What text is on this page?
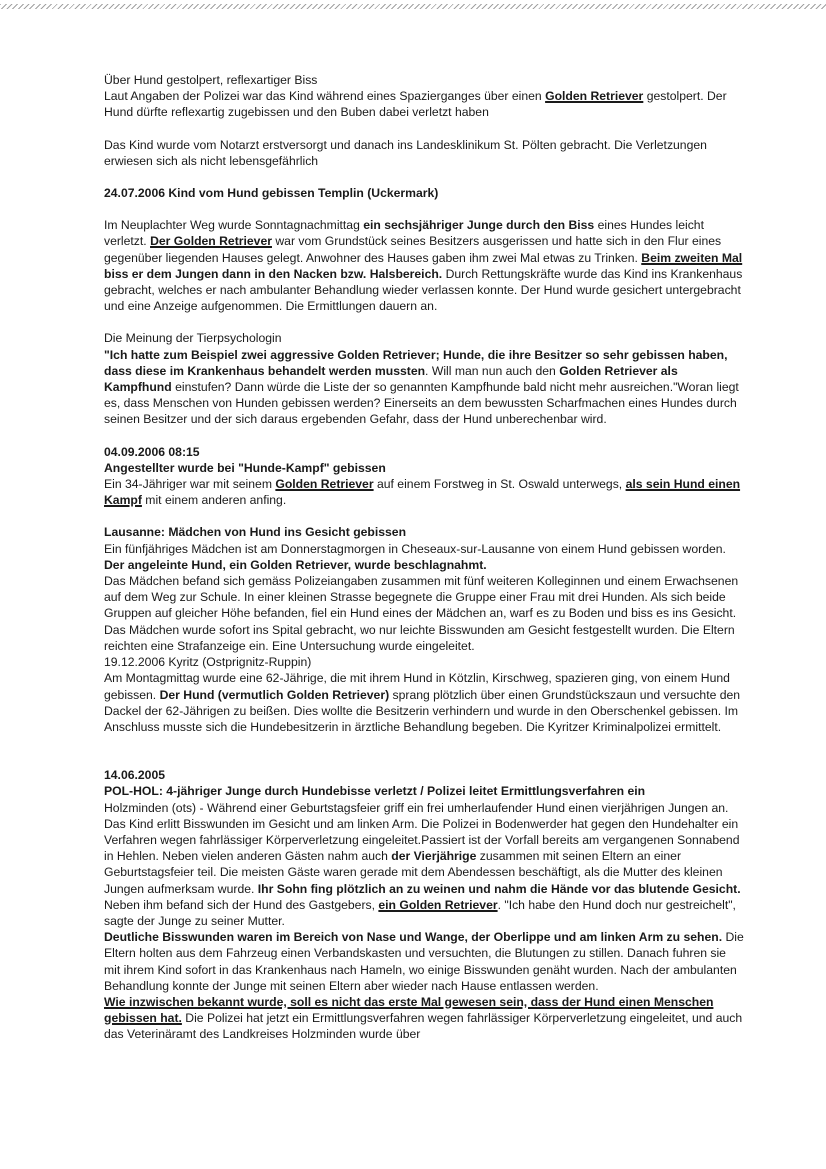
Über Hund gestolpert, reflexartiger Biss

Laut Angaben der Polizei war das Kind während eines Spazierganges über einen Golden Retriever gestolpert. Der Hund dürfte reflexartig zugebissen und den Buben dabei verletzt haben

Das Kind wurde vom Notarzt erstversorgt und danach ins Landesklinikum St. Pölten gebracht. Die Verletzungen erwiesen sich als nicht lebensgefährlich

24.07.2006 Kind vom Hund gebissen Templin (Uckermark)

Im Neuplachter Weg wurde Sonntagnachmittag ein sechsjähriger Junge durch den Biss eines Hundes leicht verletzt. Der Golden Retriever war vom Grundstück seines Besitzers ausgerissen und hatte sich in den Flur eines gegenüber liegenden Hauses gelegt. Anwohner des Hauses gaben ihm zwei Mal etwas zu Trinken. Beim zweiten Mal biss er dem Jungen dann in den Nacken bzw. Halsbereich. Durch Rettungskräfte wurde das Kind ins Krankenhaus gebracht, welches er nach ambulanter Behandlung wieder verlassen konnte. Der Hund wurde gesichert untergebracht und eine Anzeige aufgenommen. Die Ermittlungen dauern an.

Die Meinung der Tierpsychologin

"Ich hatte zum Beispiel zwei aggressive Golden Retriever; Hunde, die ihre Besitzer so sehr gebissen haben, dass diese im Krankenhaus behandelt werden mussten. Will man nun auch den Golden Retriever als Kampfhund einstufen? Dann würde die Liste der so genannten Kampfhunde bald nicht mehr ausreichen."Woran liegt es, dass Menschen von Hunden gebissen werden? Einerseits an dem bewussten Scharfmachen eines Hundes durch seinen Besitzer und der sich daraus ergebenden Gefahr, dass der Hund unberechenbar wird.

04.09.2006 08:15

Angestellter wurde bei "Hunde-Kampf" gebissen

Ein 34-Jähriger war mit seinem Golden Retriever auf einem Forstweg in St. Oswald unterwegs, als sein Hund einen Kampf mit einem anderen anfing.

Lausanne: Mädchen von Hund ins Gesicht gebissen

Ein fünfjähriges Mädchen ist am Donnerstagmorgen in Cheseaux-sur-Lausanne von einem Hund gebissen worden. Der angeleinte Hund, ein Golden Retriever, wurde beschlagnahmt.

Das Mädchen befand sich gemäss Polizeiangaben zusammen mit fünf weiteren Kolleginnen und einem Erwachsenen auf dem Weg zur Schule. In einer kleinen Strasse begegnete die Gruppe einer Frau mit drei Hunden. Als sich beide Gruppen auf gleicher Höhe befanden, fiel ein Hund eines der Mädchen an, warf es zu Boden und biss es ins Gesicht. Das Mädchen wurde sofort ins Spital gebracht, wo nur leichte Bisswunden am Gesicht festgestellt wurden. Die Eltern reichten eine Strafanzeige ein. Eine Untersuchung wurde eingeleitet.

19.12.2006 Kyritz (Ostprignitz-Ruppin)

Am Montagmittag wurde eine 62-Jährige, die mit ihrem Hund in Kötzlin, Kirschweg, spazieren ging, von einem Hund gebissen. Der Hund (vermutlich Golden Retriever) sprang plötzlich über einen Grundstückszaun und versuchte den Dackel der 62-Jährigen zu beißen. Dies wollte die Besitzerin verhindern und wurde in den Oberschenkel gebissen. Im Anschluss musste sich die Hundebesitzerin in ärztliche Behandlung begeben. Die Kyritzer Kriminalpolizei ermittelt.

14.06.2005

POL-HOL: 4-jähriger Junge durch Hundebisse verletzt / Polizei leitet Ermittlungsverfahren ein

Holzminden (ots) - Während einer Geburtstagsfeier griff ein frei umherlaufender Hund einen vierjährigen Jungen an. Das Kind erlitt Bisswunden im Gesicht und am linken Arm. Die Polizei in Bodenwerder hat gegen den Hundehalter ein Verfahren wegen fahrlässiger Körperverletzung eingeleitet.Passiert ist der Vorfall bereits am vergangenen Sonnabend in Hehlen. Neben vielen anderen Gästen nahm auch der Vierjährige zusammen mit seinen Eltern an einer Geburtstagsfeier teil. Die meisten Gäste waren gerade mit dem Abendessen beschäftigt, als die Mutter des kleinen Jungen aufmerksam wurde. Ihr Sohn fing plötzlich an zu weinen und nahm die Hände vor das blutende Gesicht. Neben ihm befand sich der Hund des Gastgebers, ein Golden Retriever. "Ich habe den Hund doch nur gestreichelt", sagte der Junge zu seiner Mutter.

Deutliche Bisswunden waren im Bereich von Nase und Wange, der Oberlippe und am linken Arm zu sehen. Die Eltern holten aus dem Fahrzeug einen Verbandskasten und versuchten, die Blutungen zu stillen. Danach fuhren sie mit ihrem Kind sofort in das Krankenhaus nach Hameln, wo einige Bisswunden genäht wurden. Nach der ambulanten Behandlung konnte der Junge mit seinen Eltern aber wieder nach Hause entlassen werden.

Wie inzwischen bekannt wurde, soll es nicht das erste Mal gewesen sein, dass der Hund einen Menschen gebissen hat. Die Polizei hat jetzt ein Ermittlungsverfahren wegen fahrlässiger Körperverletzung eingeleitet, und auch das Veterinäramt des Landkreises Holzminden wurde über
